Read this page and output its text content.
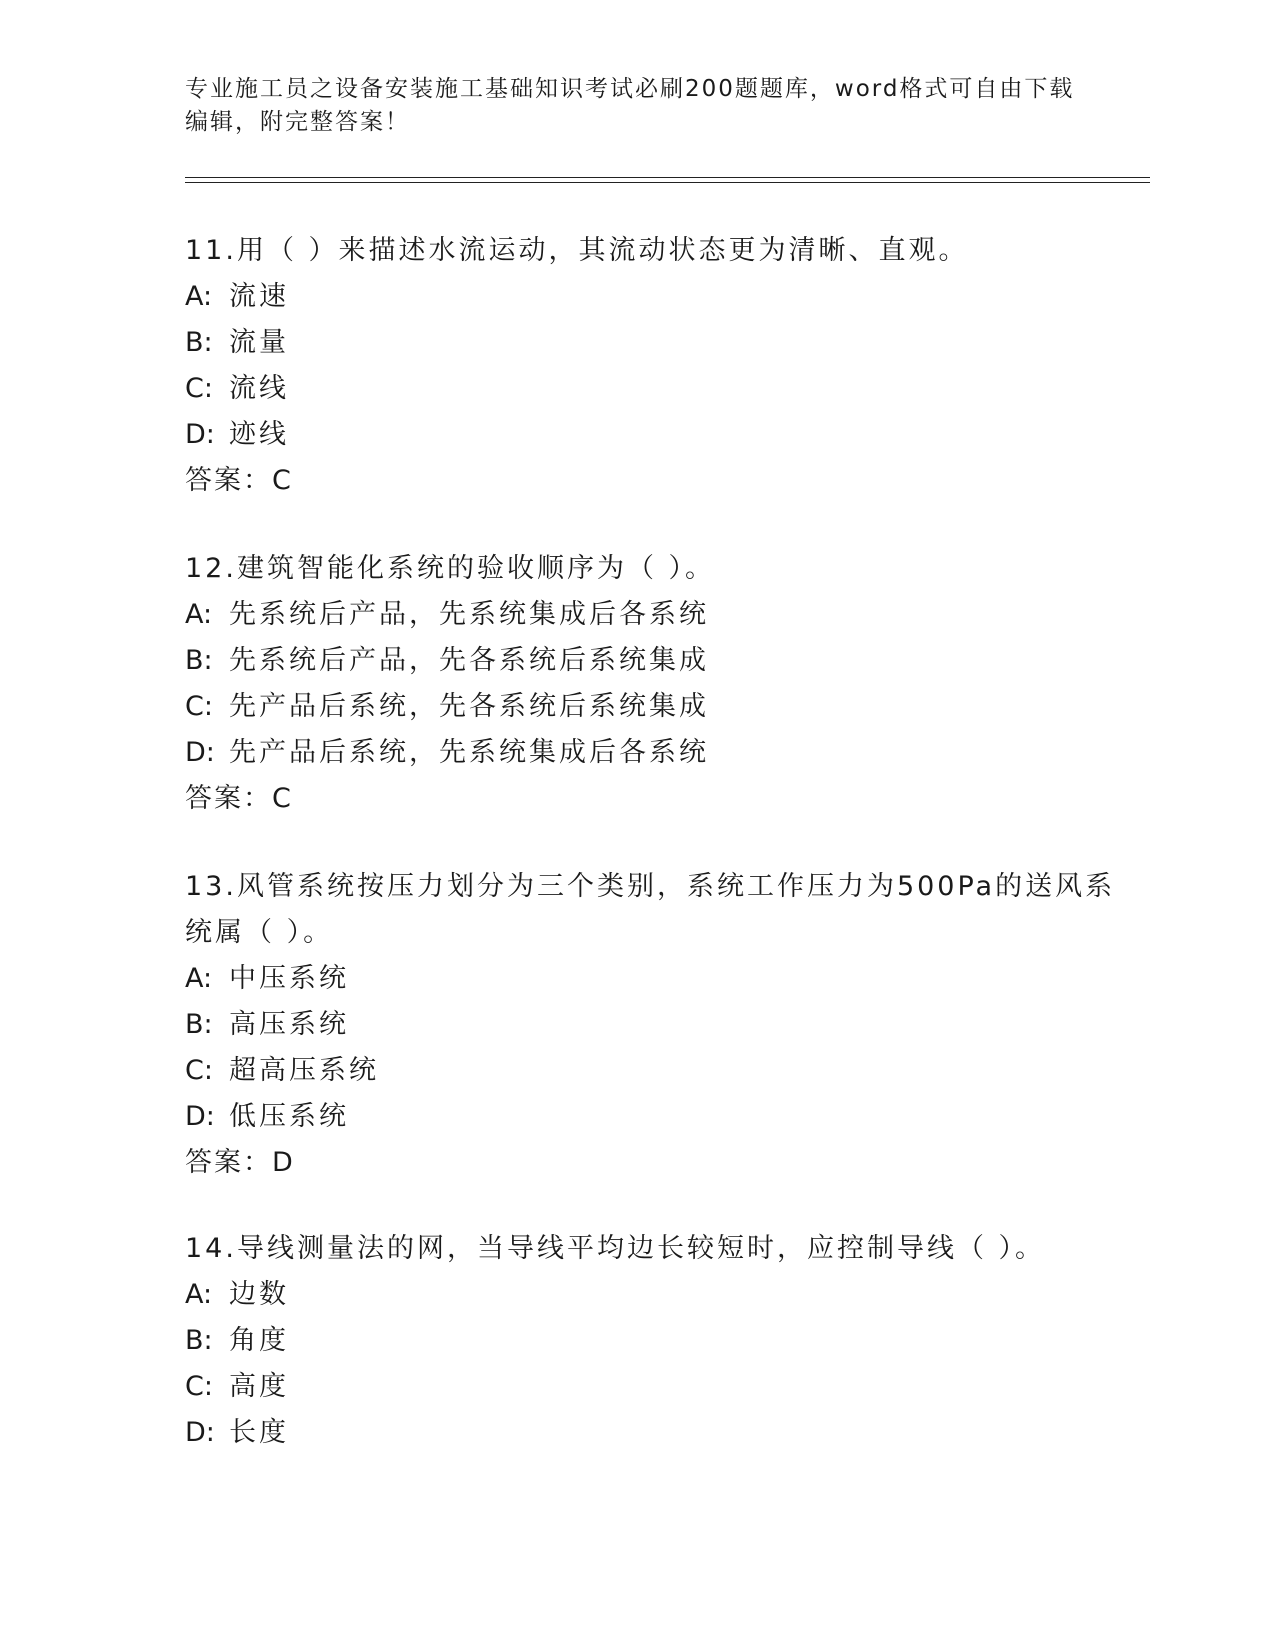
专业施工员之设备安装施工基础知识考试必刷200题题库，word格式可自由下载
编辑，附完整答案！
11.用（ ）来描述水流运动，其流动状态更为清晰、直观。
A: 流速
B: 流量
C: 流线
D: 迹线
答案：C
12.建筑智能化系统的验收顺序为（ ）。
A: 先系统后产品，先系统集成后各系统
B: 先系统后产品，先各系统后系统集成
C: 先产品后系统，先各系统后系统集成
D: 先产品后系统，先系统集成后各系统
答案：C
13.风管系统按压力划分为三个类别，系统工作压力为500Pa的送风系
统属（ ）。
A: 中压系统
B: 高压系统
C: 超高压系统
D: 低压系统
答案：D
14.导线测量法的网，当导线平均边长较短时，应控制导线（ ）。
A: 边数
B: 角度
C: 高度
D: 长度
